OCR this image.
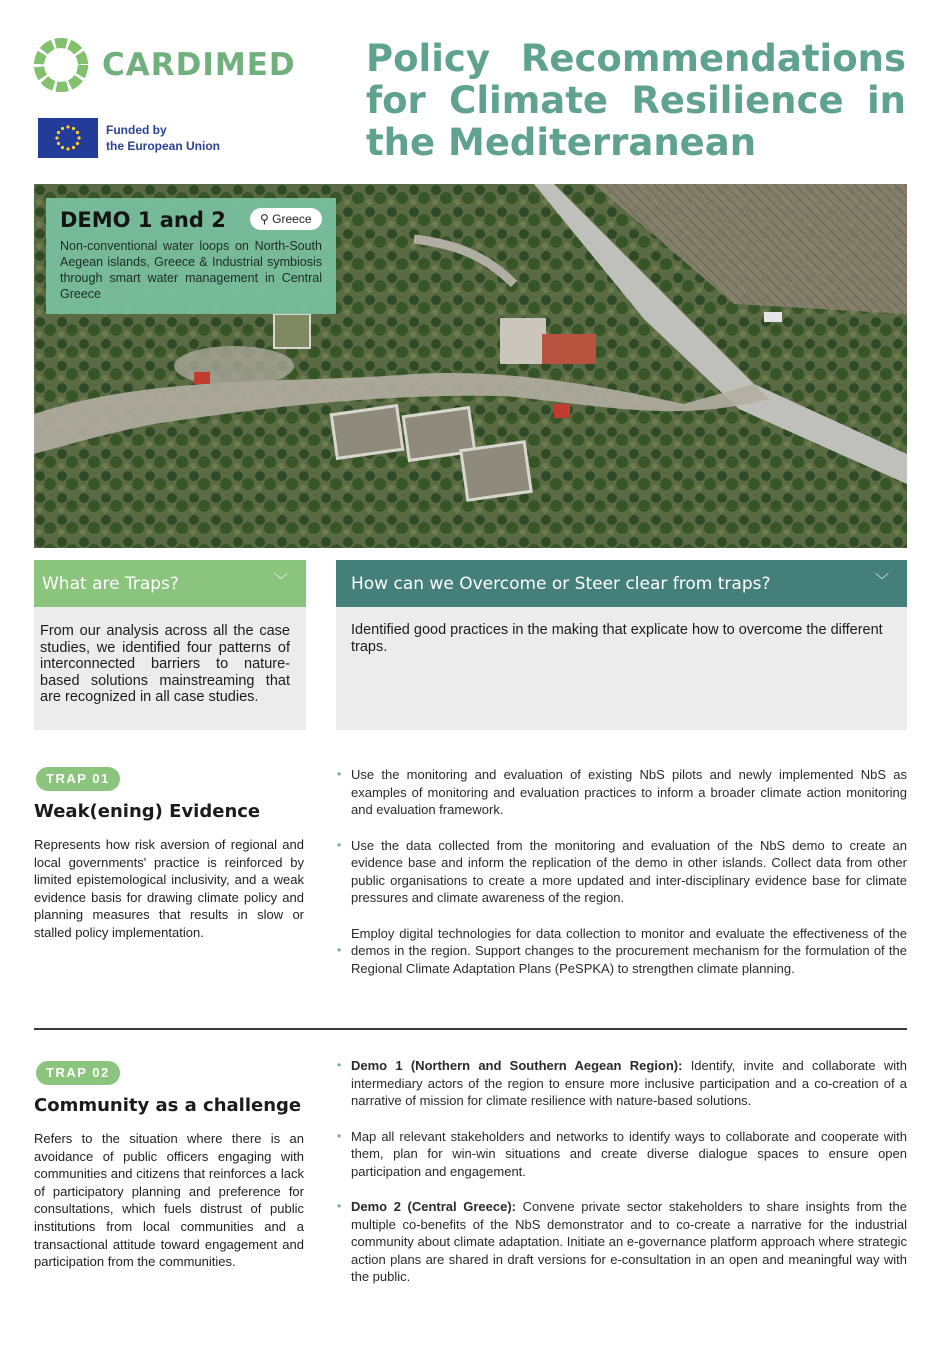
CARDIMED
Funded by
the European Union
Policy Recommendations for Climate Resilience in the Mediterranean
DEMO 1 and 2
Non-conventional water loops on North-South Aegean islands, Greece & Industrial symbiosis through smart water management in Central Greece
⚲ Greece
What are Traps?	﹀
From our analysis across all the case studies, we identified four patterns of interconnected barriers to nature-based solutions mainstreaming that are recognized in all case studies.
How can we Overcome or Steer clear from traps?	﹀
Identified good practices in the making that explicate how to overcome the different traps.
TRAP 01
Weak(ening) Evidence
Represents how risk aversion of regional and local governments' practice is reinforced by limited epistemological inclusivity, and a weak evidence basis for drawing climate policy and planning measures that results in slow or stalled policy implementation.
• Use the monitoring and evaluation of existing NbS pilots and newly implemented NbS as examples of monitoring and evaluation practices to inform a broader climate action monitoring and evaluation framework.
• Use the data collected from the monitoring and evaluation of the NbS demo to create an evidence base and inform the replication of the demo in other islands. Collect data from other public organisations to create a more updated and inter-disciplinary evidence base for climate pressures and climate awareness of the region.
•
Employ digital technologies for data collection to monitor and evaluate the effectiveness of the demos in the region. Support changes to the procurement mechanism for the formulation of the Regional Climate Adaptation Plans (PeSPKA) to strengthen climate planning.
TRAP 02
Community as a challenge
Refers to the situation where there is an avoidance of public officers engaging with communities and citizens that reinforces a lack of participatory planning and preference for consultations, which fuels distrust of public institutions from local communities and a transactional attitude toward engagement and participation from the communities.
• Demo 1 (Northern and Southern Aegean Region): Identify, invite and collaborate with intermediary actors of the region to ensure more inclusive participation and a co-creation of a narrative of mission for climate resilience with nature-based solutions.
• Map all relevant stakeholders and networks to identify ways to collaborate and cooperate with them, plan for win-win situations and create diverse dialogue spaces to ensure open participation and engagement.
• Demo 2 (Central Greece): Convene private sector stakeholders to share insights from the multiple co-benefits of the NbS demonstrator and to co-create a narrative for the industrial community about climate adaptation. Initiate an e-governance platform approach where strategic action plans are shared in draft versions for e-consultation in an open and meaningful way with the public.
